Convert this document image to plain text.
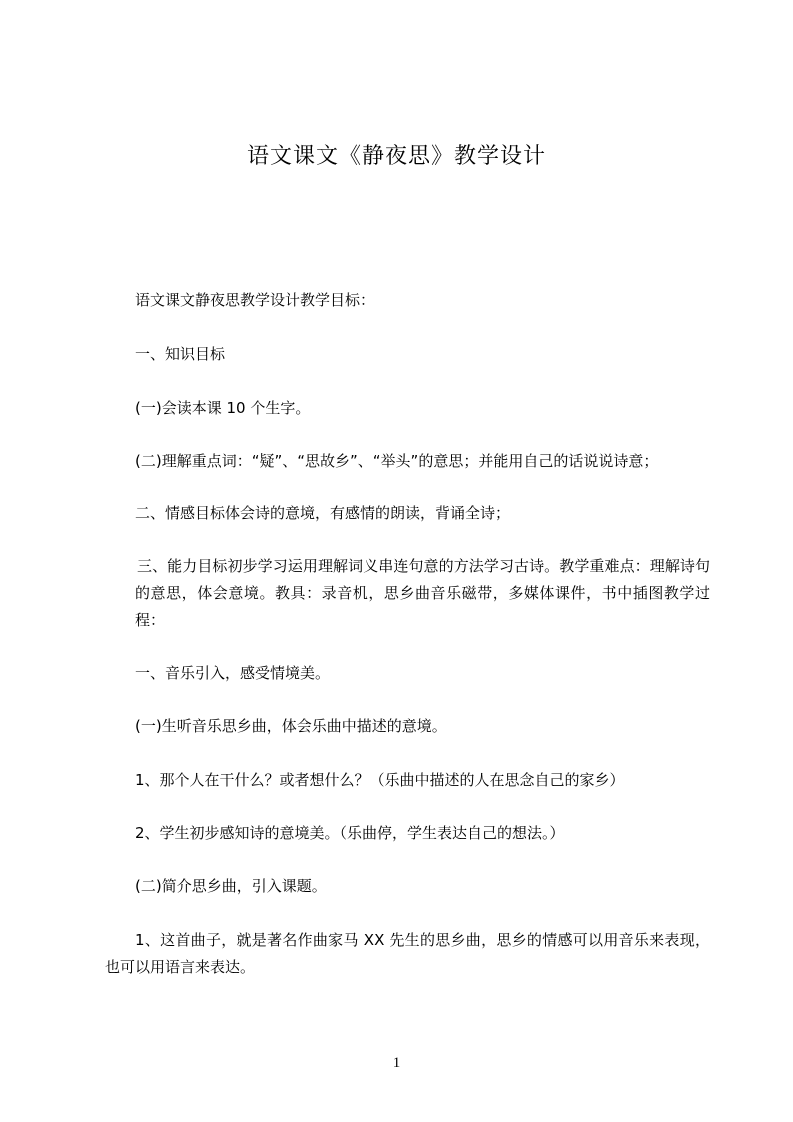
语文课文《静夜思》教学设计
语文课文静夜思教学设计教学目标：
一、知识目标
(一)会读本课 10 个生字。
(二)理解重点词：“疑”、“思故乡”、“举头”的意思；并能用自己的话说说诗意；
二、情感目标体会诗的意境，有感情的朗读，背诵全诗；
三、能力目标初步学习运用理解词义串连句意的方法学习古诗。教学重难点：理解诗句的意思，体会意境。教具：录音机，思乡曲音乐磁带，多媒体课件，书中插图教学过程：
一、音乐引入，感受情境美。
(一)生听音乐思乡曲，体会乐曲中描述的意境。
1、那个人在干什么？或者想什么？（乐曲中描述的人在思念自己的家乡）
2、学生初步感知诗的意境美。（乐曲停，学生表达自己的想法。）
(二)简介思乡曲，引入课题。
1、这首曲子，就是著名作曲家马 XX 先生的思乡曲，思乡的情感可以用音乐来表现，也可以用语言来表达。
1
